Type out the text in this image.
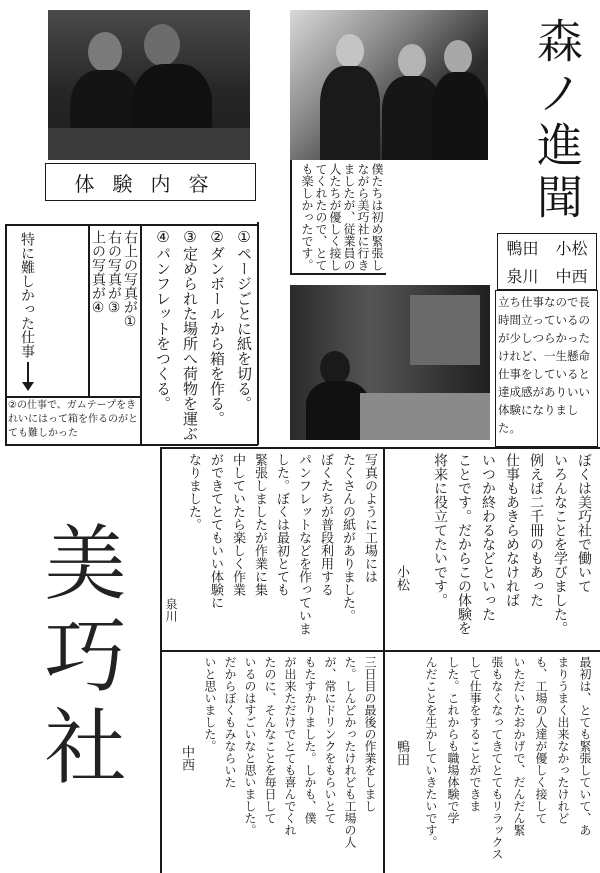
森ノ進聞
鴨田 小松
泉川 中西
僕たちは初め緊張しながら美巧社に行きましたが、従業員の人たちが優しく接してくれたので、とても楽しかったです。
立ち仕事なので長時間立っているのが少しつらかったけれど、一生懸命仕事をしていると達成感がありいい体験になりました。
体験内容
特に難しかった仕事
②の仕事で、ガムテープをきれいにはって箱を作るのがとても難しかった
右上の写真が①
右の写真が③
上の写真が④	①ページごとに紙を切る。
②ダンボールから箱を作る。
③定められた場所へ荷物を運ぶ
④パンフレットをつくる。
美巧社
写真のように工場には
たくさんの紙がありました。
ぼくたちが普段利用する
パンフレットなどを作っていま
した。ぼくは最初とても
緊張しましたが作業に集
中していたら楽しく作業
ができてとてもいい体験に
なりました。
泉川
ぼくは美巧社で働いて
いろんなことを学びました。
例えば二千冊のもあった
仕事もあきらめなければ
いつか終わるなどといった
ことです。だからこの体験を
将来に役立てたいです。
小松
三日目の最後の作業をしまし
た。しんどかったけれども工場の人
が、常にドリンクをもらいとて
もたすかりました。しかも、僕
が出来ただけでとても喜んでくれ
たのに、そんなことを毎日して
いるのはすごいなと思いました。
だからぼくもみならいた
いと思いました。
中西	最初は、とても緊張していて、あ
まりうまく出来なかったけれど
も、工場の人達が優しく接して
いただいたおかげで、だんだん緊
張もなくなってきてとてもリラックス
して仕事をすることができま
した。これからも職場体験で学
んだことを生かしていきたいです。
鴨田
